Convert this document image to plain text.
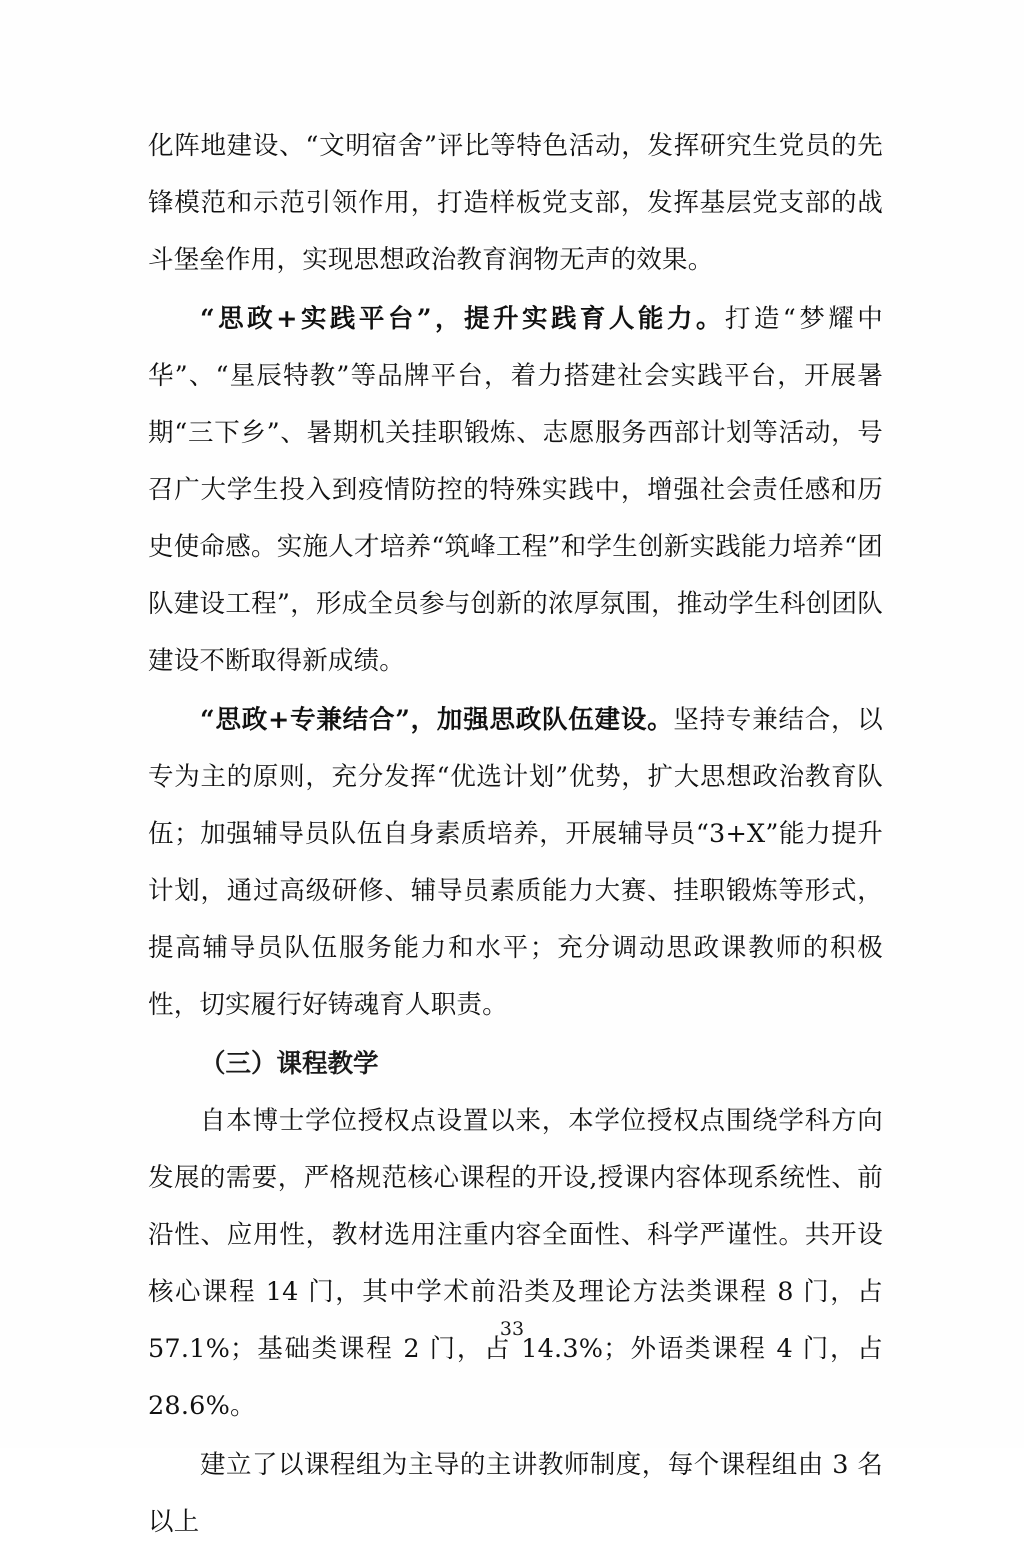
化阵地建设、“文明宿舍”评比等特色活动，发挥研究生党员的先锋模范和示范引领作用，打造样板党支部，发挥基层党支部的战斗堡垒作用，实现思想政治教育润物无声的效果。

“思政+实践平台”，提升实践育人能力。打造“梦耀中华”、“星辰特教”等品牌平台，着力搭建社会实践平台，开展暑期“三下乡”、暑期机关挂职锻炼、志愿服务西部计划等活动，号召广大学生投入到疫情防控的特殊实践中，增强社会责任感和历史使命感。实施人才培养“筑峰工程”和学生创新实践能力培养“团队建设工程”，形成全员参与创新的浓厚氛围，推动学生科创团队建设不断取得新成绩。

“思政+专兼结合”，加强思政队伍建设。坚持专兼结合，以专为主的原则，充分发挥“优选计划”优势，扩大思想政治教育队伍；加强辅导员队伍自身素质培养，开展辅导员“3+X”能力提升计划，通过高级研修、辅导员素质能力大赛、挂职锻炼等形式，提高辅导员队伍服务能力和水平；充分调动思政课教师的积极性，切实履行好铸魂育人职责。

（三）课程教学

自本博士学位授权点设置以来，本学位授权点围绕学科方向发展的需要，严格规范核心课程的开设,授课内容体现系统性、前沿性、应用性，教材选用注重内容全面性、科学严谨性。共开设核心课程 14 门，其中学术前沿类及理论方法类课程 8 门，占 57.1%；基础类课程 2 门，占 14.3%；外语类课程 4 门，占 28.6%。

建立了以课程组为主导的主讲教师制度，每个课程组由 3 名以上

33
